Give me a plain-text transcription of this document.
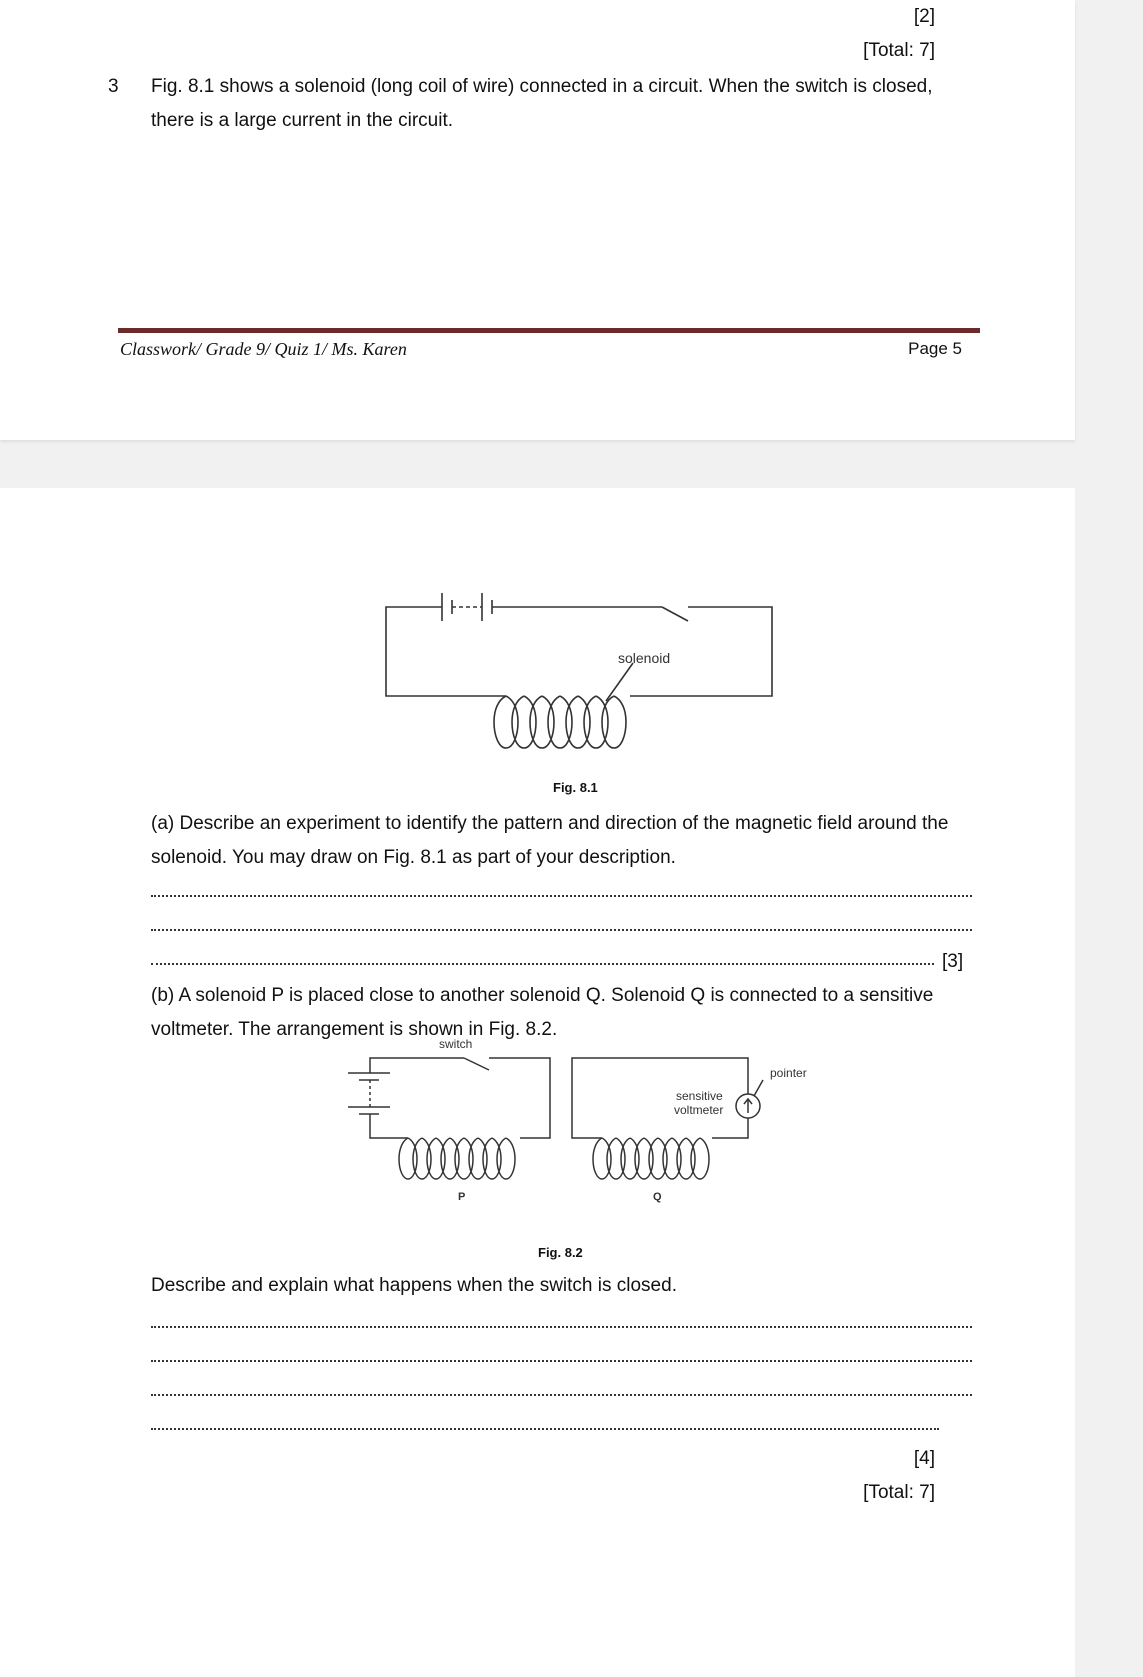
[2]
[Total: 7]
3 Fig. 8.1 shows a solenoid (long coil of wire) connected in a circuit. When the switch is closed,
there is a large current in the circuit.
Classwork/ Grade 9/ Quiz 1/ Ms. Karen	Page 5
solenoid
Fig. 8.1
(a) Describe an experiment to identify the pattern and direction of the magnetic field around the
solenoid. You may draw on Fig. 8.1 as part of your description.
[3]
(b) A solenoid P is placed close to another solenoid Q. Solenoid Q is connected to a sensitive
voltmeter. The arrangement is shown in Fig. 8.2.
switch
pointer
sensitive
voltmeter
P	Q
Fig. 8.2
Describe and explain what happens when the switch is closed.
[4]
[Total: 7]
